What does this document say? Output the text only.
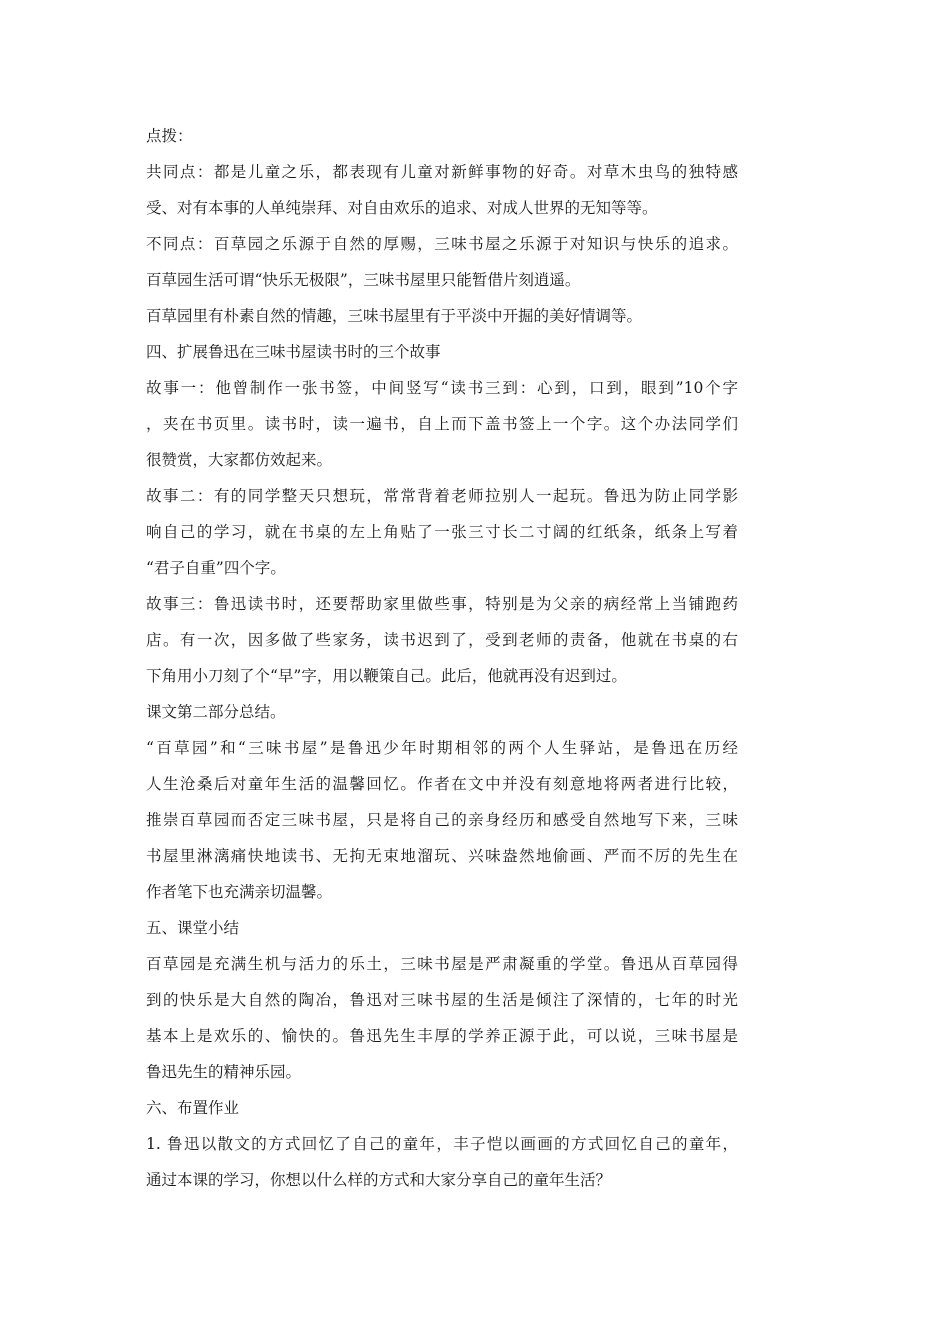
点拨：
共同点：都是儿童之乐，都表现有儿童对新鲜事物的好奇。对草木虫鸟的独特感
受、对有本事的人单纯崇拜、对自由欢乐的追求、对成人世界的无知等等。
不同点：百草园之乐源于自然的厚赐，三味书屋之乐源于对知识与快乐的追求。
百草园生活可谓“快乐无极限”，三味书屋里只能暂借片刻逍遥。
百草园里有朴素自然的情趣，三味书屋里有于平淡中开掘的美好情调等。
四、扩展鲁迅在三味书屋读书时的三个故事
故事一：他曾制作一张书签，中间竖写“读书三到：心到，口到，眼到”10个字
，夹在书页里。读书时，读一遍书，自上而下盖书签上一个字。这个办法同学们
很赞赏，大家都仿效起来。
故事二：有的同学整天只想玩，常常背着老师拉别人一起玩。鲁迅为防止同学影
响自己的学习，就在书桌的左上角贴了一张三寸长二寸阔的红纸条，纸条上写着
“君子自重”四个字。
故事三：鲁迅读书时，还要帮助家里做些事，特别是为父亲的病经常上当铺跑药
店。有一次，因多做了些家务，读书迟到了，受到老师的责备，他就在书桌的右
下角用小刀刻了个“早”字，用以鞭策自己。此后，他就再没有迟到过。
课文第二部分总结。
“百草园”和“三味书屋”是鲁迅少年时期相邻的两个人生驿站，是鲁迅在历经
人生沧桑后对童年生活的温馨回忆。作者在文中并没有刻意地将两者进行比较，
推崇百草园而否定三味书屋，只是将自己的亲身经历和感受自然地写下来，三味
书屋里淋漓痛快地读书、无拘无束地溜玩、兴味盎然地偷画、严而不厉的先生在
作者笔下也充满亲切温馨。
五、课堂小结
百草园是充满生机与活力的乐土，三味书屋是严肃凝重的学堂。鲁迅从百草园得
到的快乐是大自然的陶冶，鲁迅对三味书屋的生活是倾注了深情的，七年的时光
基本上是欢乐的、愉快的。鲁迅先生丰厚的学养正源于此，可以说，三味书屋是
鲁迅先生的精神乐园。
六、布置作业
1. 鲁迅以散文的方式回忆了自己的童年，丰子恺以画画的方式回忆自己的童年，
通过本课的学习，你想以什么样的方式和大家分享自己的童年生活？
